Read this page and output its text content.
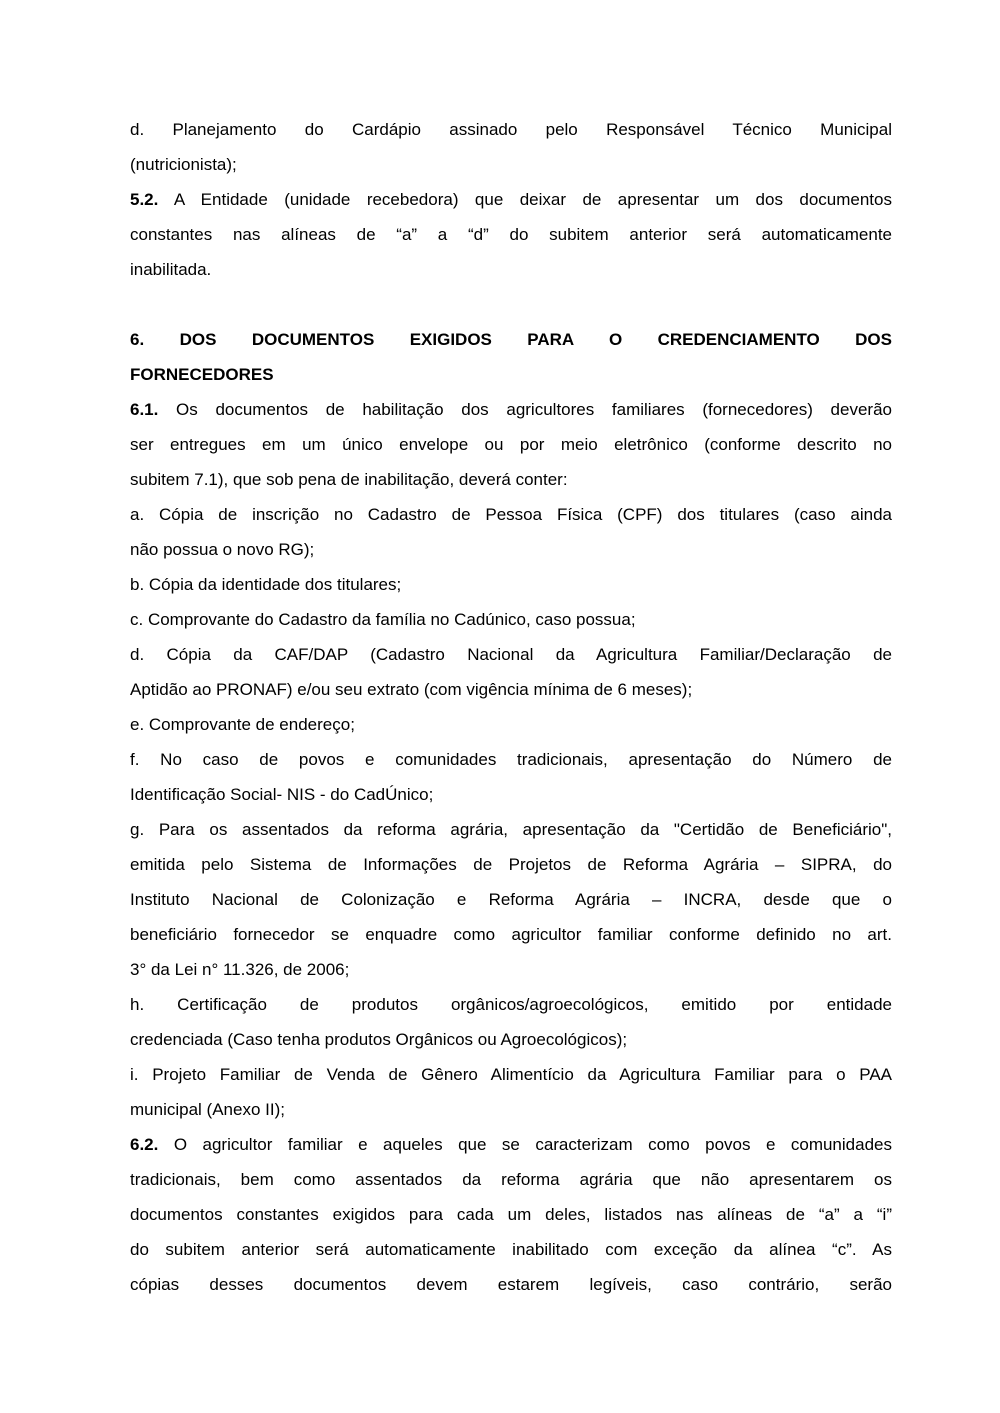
d. Planejamento do Cardápio assinado pelo Responsável Técnico Municipal
(nutricionista);

5.2. A Entidade (unidade recebedora) que deixar de apresentar um dos documentos
constantes nas alíneas de “a” a “d” do subitem anterior será automaticamente
inabilitada.

6. DOS DOCUMENTOS EXIGIDOS PARA O CREDENCIAMENTO DOS
FORNECEDORES

6.1. Os documentos de habilitação dos agricultores familiares (fornecedores) deverão
ser entregues em um único envelope ou por meio eletrônico (conforme descrito no
subitem 7.1), que sob pena de inabilitação, deverá conter:

a. Cópia de inscrição no Cadastro de Pessoa Física (CPF) dos titulares (caso ainda
não possua o novo RG);

b. Cópia da identidade dos titulares;

c. Comprovante do Cadastro da família no Cadúnico, caso possua;

d. Cópia da CAF/DAP (Cadastro Nacional da Agricultura Familiar/Declaração de
Aptidão ao PRONAF) e/ou seu extrato (com vigência mínima de 6 meses);

e. Comprovante de endereço;

f. No caso de povos e comunidades tradicionais, apresentação do Número de
Identificação Social- NIS - do CadÚnico;

g. Para os assentados da reforma agrária, apresentação da "Certidão de Beneficiário",
emitida pelo Sistema de Informações de Projetos de Reforma Agrária – SIPRA, do
Instituto Nacional de Colonização e Reforma Agrária – INCRA, desde que o
beneficiário fornecedor se enquadre como agricultor familiar conforme definido no art.
3° da Lei n° 11.326, de 2006;

h. Certificação de produtos orgânicos/agroecológicos, emitido por entidade
credenciada (Caso tenha produtos Orgânicos ou Agroecológicos);

i. Projeto Familiar de Venda de Gênero Alimentício da Agricultura Familiar para o PAA
municipal (Anexo II);

6.2. O agricultor familiar e aqueles que se caracterizam como povos e comunidades
tradicionais, bem como assentados da reforma agrária que não apresentarem os
documentos constantes exigidos para cada um deles, listados nas alíneas de “a” a “i”
do subitem anterior será automaticamente inabilitado com exceção da alínea “c”. As
cópias desses documentos devem estarem legíveis, caso contrário, serão
